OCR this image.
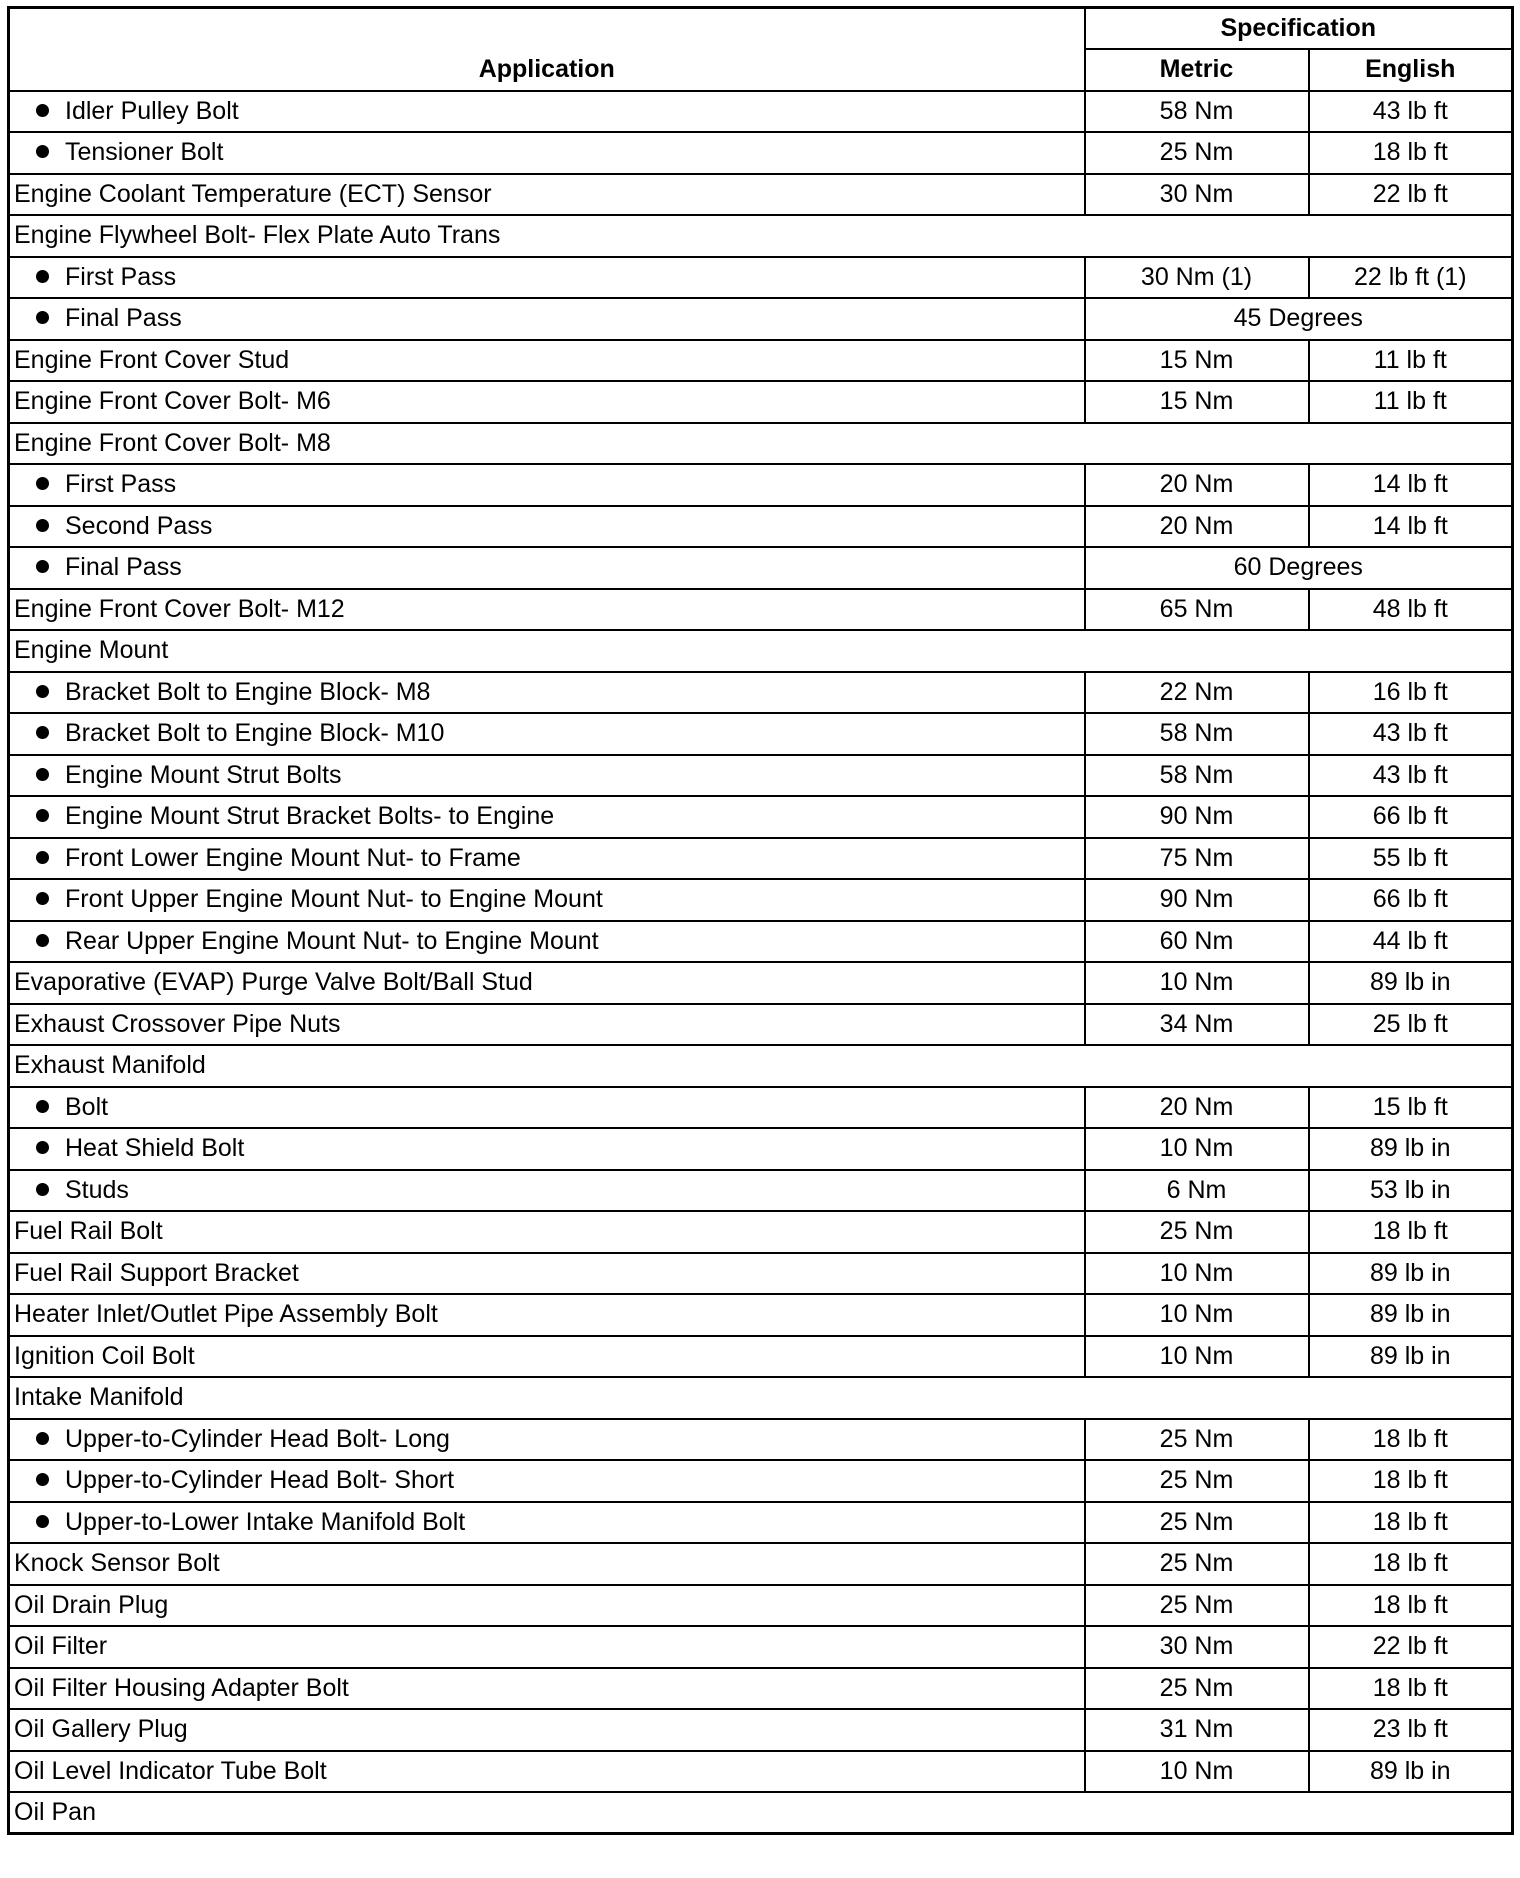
Application	Specification	
	Metric	English
Idler Pulley Bolt	58 Nm	43 lb ft
Tensioner Bolt	25 Nm	18 lb ft
Engine Coolant Temperature (ECT) Sensor	30 Nm	22 lb ft
Engine Flywheel Bolt- Flex Plate Auto Trans		
First Pass	30 Nm (1)	22 lb ft (1)
Final Pass	45 Degrees	
Engine Front Cover Stud	15 Nm	11 lb ft
Engine Front Cover Bolt- M6	15 Nm	11 lb ft
Engine Front Cover Bolt- M8		
First Pass	20 Nm	14 lb ft
Second Pass	20 Nm	14 lb ft
Final Pass	60 Degrees	
Engine Front Cover Bolt- M12	65 Nm	48 lb ft
Engine Mount		
Bracket Bolt to Engine Block- M8	22 Nm	16 lb ft
Bracket Bolt to Engine Block- M10	58 Nm	43 lb ft
Engine Mount Strut Bolts	58 Nm	43 lb ft
Engine Mount Strut Bracket Bolts- to Engine	90 Nm	66 lb ft
Front Lower Engine Mount Nut- to Frame	75 Nm	55 lb ft
Front Upper Engine Mount Nut- to Engine Mount	90 Nm	66 lb ft
Rear Upper Engine Mount Nut- to Engine Mount	60 Nm	44 lb ft
Evaporative (EVAP) Purge Valve Bolt/Ball Stud	10 Nm	89 lb in
Exhaust Crossover Pipe Nuts	34 Nm	25 lb ft
Exhaust Manifold		
Bolt	20 Nm	15 lb ft
Heat Shield Bolt	10 Nm	89 lb in
Studs	6 Nm	53 lb in
Fuel Rail Bolt	25 Nm	18 lb ft
Fuel Rail Support Bracket	10 Nm	89 lb in
Heater Inlet/Outlet Pipe Assembly Bolt	10 Nm	89 lb in
Ignition Coil Bolt	10 Nm	89 lb in
Intake Manifold		
Upper-to-Cylinder Head Bolt- Long	25 Nm	18 lb ft
Upper-to-Cylinder Head Bolt- Short	25 Nm	18 lb ft
Upper-to-Lower Intake Manifold Bolt	25 Nm	18 lb ft
Knock Sensor Bolt	25 Nm	18 lb ft
Oil Drain Plug	25 Nm	18 lb ft
Oil Filter	30 Nm	22 lb ft
Oil Filter Housing Adapter Bolt	25 Nm	18 lb ft
Oil Gallery Plug	31 Nm	23 lb ft
Oil Level Indicator Tube Bolt	10 Nm	89 lb in
Oil Pan		
